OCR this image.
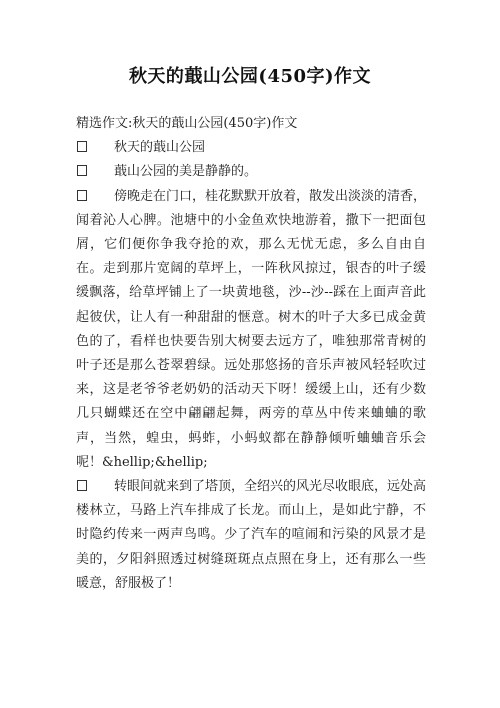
秋天的蕺山公园(450字)作文

精选作文:秋天的蕺山公园(450字)作文

秋天的蕺山公园

蕺山公园的美是静静的。

傍晚走在门口，桂花默默开放着，散发出淡淡的清香，闻着沁人心脾。池塘中的小金鱼欢快地游着，撒下一把面包屑，它们便你争我夺抢的欢，那么无忧无虑，多么自由自在。走到那片宽阔的草坪上，一阵秋风掠过，银杏的叶子缓缓飘落，给草坪铺上了一块黄地毯，沙--沙--踩在上面声音此起彼伏，让人有一种甜甜的惬意。树木的叶子大多已成金黄色的了，看样也快要告别大树要去远方了，唯独那常青树的叶子还是那么苍翠碧绿。远处那悠扬的音乐声被风轻轻吹过来，这是老爷爷老奶奶的活动天下呀！缓缓上山，还有少数几只蝴蝶还在空中翩翩起舞，两旁的草丛中传来蛐蛐的歌声，当然，蝗虫，蚂蚱，小蚂蚁都在静静倾听蛐蛐音乐会呢！&hellip;&hellip;

转眼间就来到了塔顶，全绍兴的风光尽收眼底，远处高楼林立，马路上汽车排成了长龙。而山上，是如此宁静，不时隐约传来一两声鸟鸣。少了汽车的喧闹和污染的风景才是美的，夕阳斜照透过树缝斑斑点点照在身上，还有那么一些暖意，舒服极了！
